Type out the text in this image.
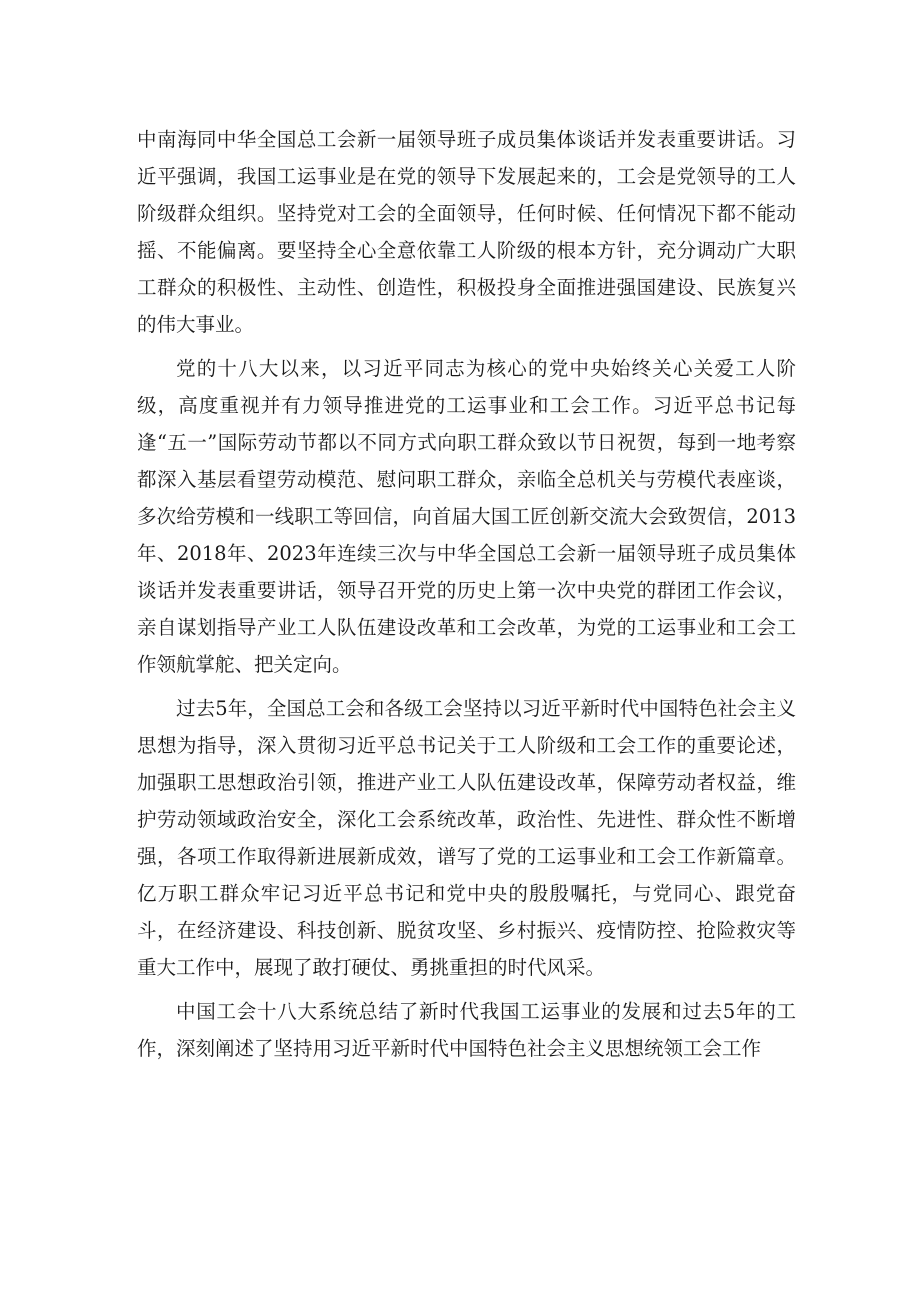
中南海同中华全国总工会新一届领导班子成员集体谈话并发表重要讲话。习近平强调，我国工运事业是在党的领导下发展起来的，工会是党领导的工人阶级群众组织。坚持党对工会的全面领导，任何时候、任何情况下都不能动摇、不能偏离。要坚持全心全意依靠工人阶级的根本方针，充分调动广大职工群众的积极性、主动性、创造性，积极投身全面推进强国建设、民族复兴的伟大事业。

党的十八大以来，以习近平同志为核心的党中央始终关心关爱工人阶级，高度重视并有力领导推进党的工运事业和工会工作。习近平总书记每逢“五一”国际劳动节都以不同方式向职工群众致以节日祝贺，每到一地考察都深入基层看望劳动模范、慰问职工群众，亲临全总机关与劳模代表座谈，多次给劳模和一线职工等回信，向首届大国工匠创新交流大会致贺信，2013年、2018年、2023年连续三次与中华全国总工会新一届领导班子成员集体谈话并发表重要讲话，领导召开党的历史上第一次中央党的群团工作会议，亲自谋划指导产业工人队伍建设改革和工会改革，为党的工运事业和工会工作领航掌舵、把关定向。

过去5年，全国总工会和各级工会坚持以习近平新时代中国特色社会主义思想为指导，深入贯彻习近平总书记关于工人阶级和工会工作的重要论述，加强职工思想政治引领，推进产业工人队伍建设改革，保障劳动者权益，维护劳动领域政治安全，深化工会系统改革，政治性、先进性、群众性不断增强，各项工作取得新进展新成效，谱写了党的工运事业和工会工作新篇章。亿万职工群众牢记习近平总书记和党中央的殷殷嘱托，与党同心、跟党奋斗，在经济建设、科技创新、脱贫攻坚、乡村振兴、疫情防控、抢险救灾等重大工作中，展现了敢打硬仗、勇挑重担的时代风采。

中国工会十八大系统总结了新时代我国工运事业的发展和过去5年的工作，深刻阐述了坚持用习近平新时代中国特色社会主义思想统领工会工作
